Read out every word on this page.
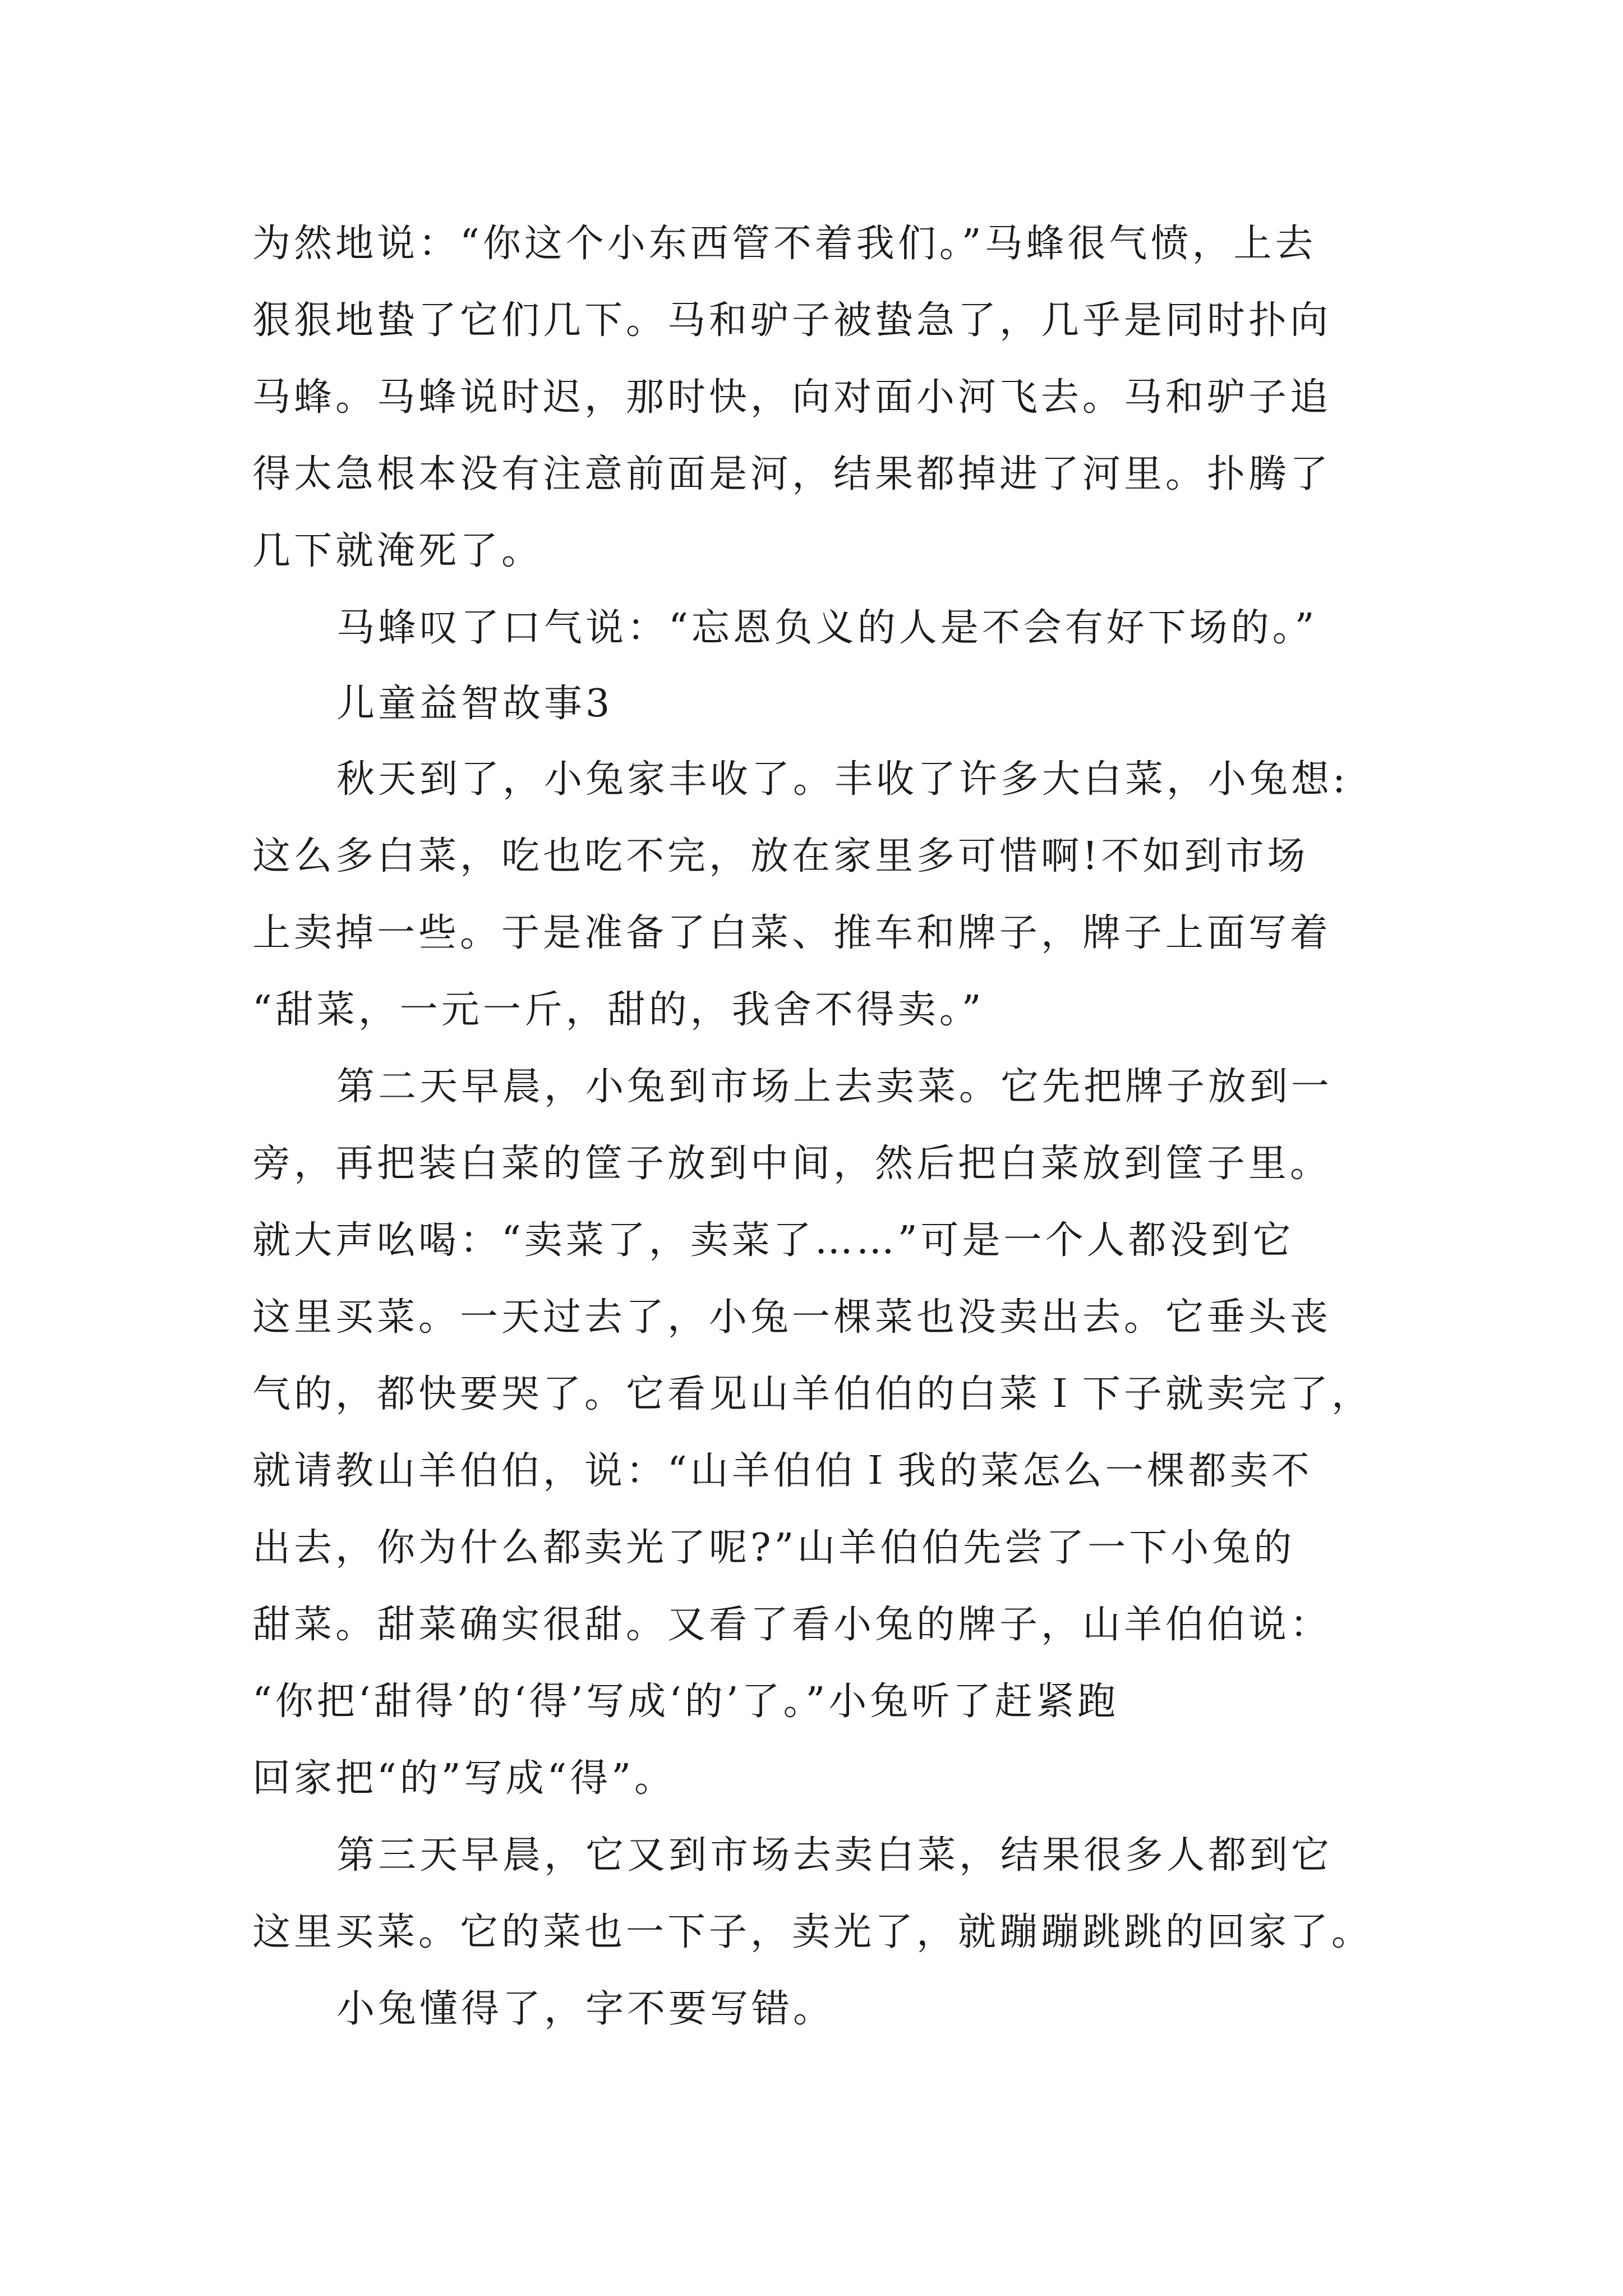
为然地说：“你这个小东西管不着我们。”马蜂很气愤，上去
狠狠地蛰了它们几下。马和驴子被蛰急了，几乎是同时扑向
马蜂。马蜂说时迟，那时快，向对面小河飞去。马和驴子追
得太急根本没有注意前面是河，结果都掉进了河里。扑腾了
几下就淹死了。
马蜂叹了口气说：“忘恩负义的人是不会有好下场的。”
儿童益智故事3
秋天到了，小兔家丰收了。丰收了许多大白菜，小兔想:
这么多白菜，吃也吃不完，放在家里多可惜啊!不如到市场
上卖掉一些。于是准备了白菜、推车和牌子，牌子上面写着
“甜菜，一元一斤，甜的，我舍不得卖。”
第二天早晨，小兔到市场上去卖菜。它先把牌子放到一
旁，再把装白菜的筐子放到中间，然后把白菜放到筐子里。
就大声吆喝：“卖菜了，卖菜了……”可是一个人都没到它
这里买菜。一天过去了，小兔一棵菜也没卖出去。它垂头丧
气的，都快要哭了。它看见山羊伯伯的白菜Ｉ下子就卖完了，
就请教山羊伯伯，说：“山羊伯伯Ｉ我的菜怎么一棵都卖不
出去，你为什么都卖光了呢?”山羊伯伯先尝了一下小兔的
甜菜。甜菜确实很甜。又看了看小兔的牌子，山羊伯伯说：
“你把‘甜得’的‘得’写成‘的’了。”小兔听了赶紧跑
回家把“的”写成“得”。
第三天早晨，它又到市场去卖白菜，结果很多人都到它
这里买菜。它的菜也一下子，卖光了，就蹦蹦跳跳的回家了。
小兔懂得了，字不要写错。
